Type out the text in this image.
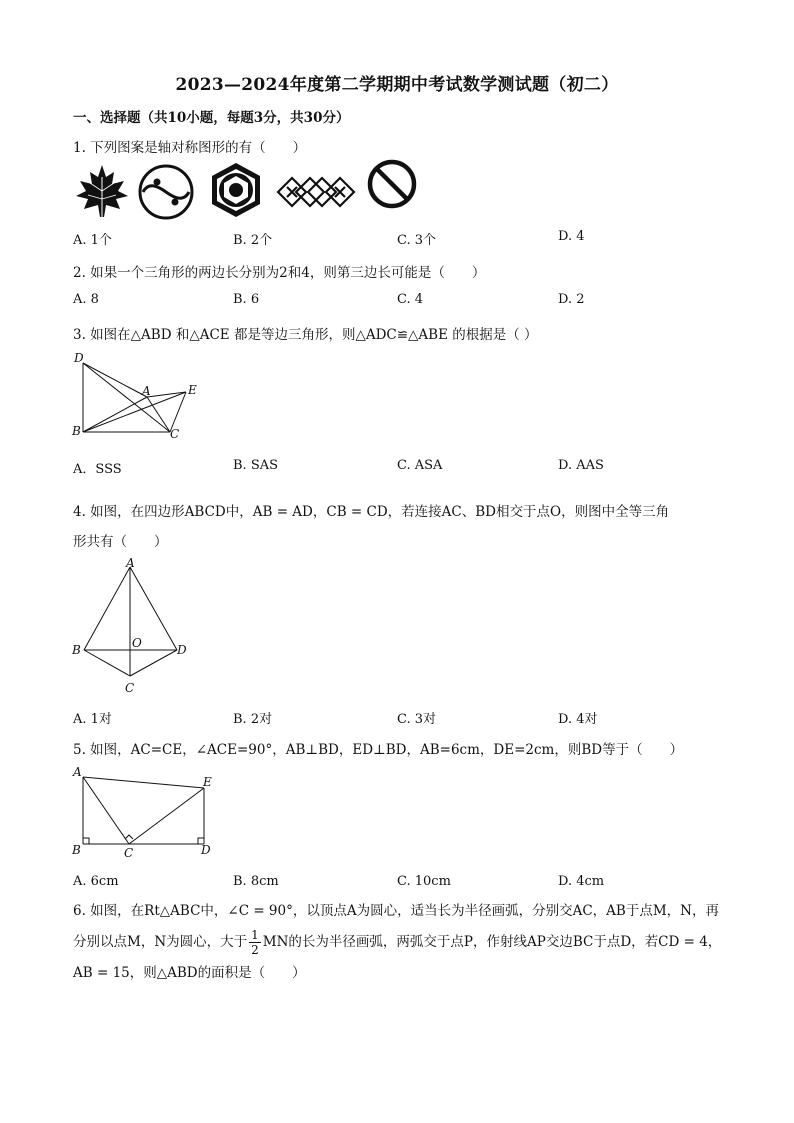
2023—2024年度第二学期期中考试数学测试题（初二）
一、选择题（共10小题，每题3分，共30分）
1. 下列图案是轴对称图形的有（　　）
A. 1个	B. 2个	C. 3个	D. 4
2. 如果一个三角形的两边长分别为2和4，则第三边长可能是（　　）
A. 8	B. 6	C. 4	D. 2
3. 如图在△ABD 和△ACE 都是等边三角形，则△ADC≌△ABE 的根据是（ ）
D
A	E
B	C
A．SSS	B. SAS	C. ASA	D. AAS
4. 如图，在四边形ABCD中，AB = AD，CB = CD，若连接AC、BD相交于点O，则图中全等三角
形共有（　　）
A
B	O	D
C
A. 1对	B. 2对	C. 3对	D. 4对
5. 如图，AC=CE，∠ACE=90°，AB⊥BD，ED⊥BD，AB=6cm，DE=2cm，则BD等于（　　）
A
E
B	C	D
A. 6cm	B. 8cm	C. 10cm	D. 4cm
6. 如图，在Rt△ABC中，∠C = 90°，以顶点A为圆心，适当长为半径画弧，分别交AC，AB于点M，N，再分别以点M，N为圆心，大于 $\frac{1}{2}$ MN的长为半径画弧，两弧交于点P，作射线AP交边BC于点D，若CD = 4，AB = 15，则△ABD的面积是（　　）
